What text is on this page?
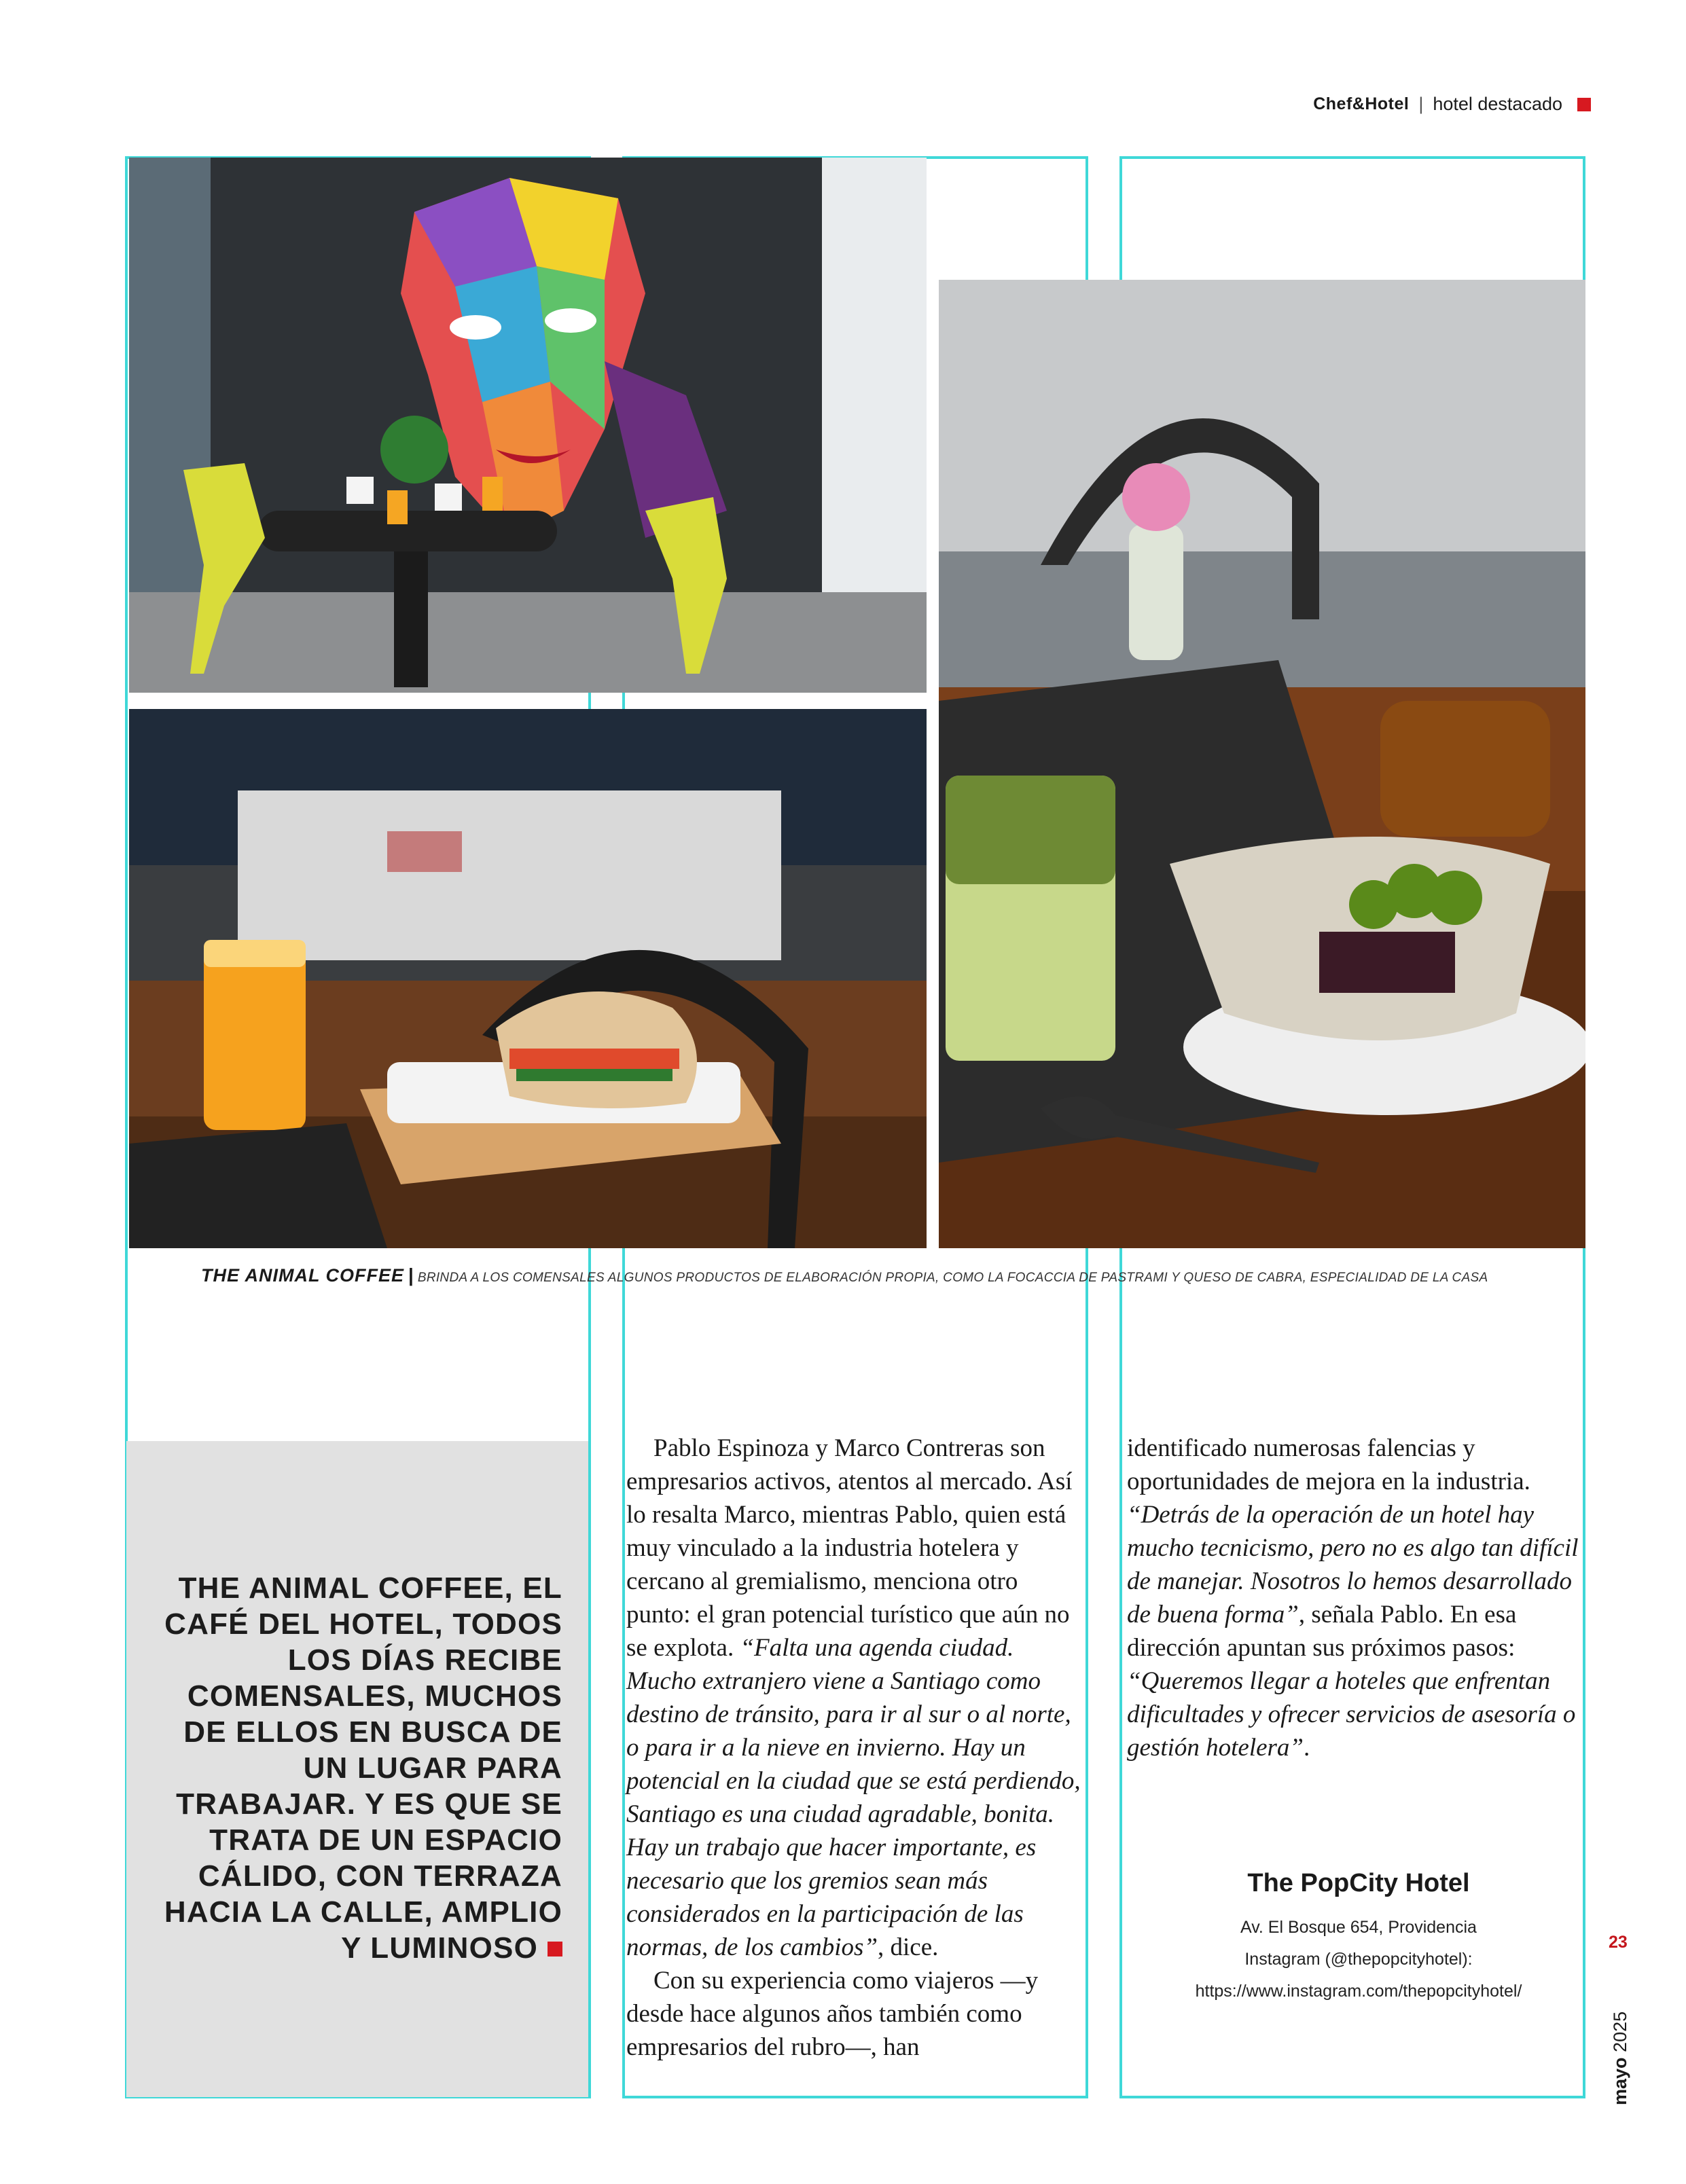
Chef&Hotel | hotel destacado
THE ANIMAL COFFEE | BRINDA A LOS COMENSALES ALGUNOS PRODUCTOS DE ELABORACIÓN PROPIA, COMO LA FOCACCIA DE PASTRAMI Y QUESO DE CABRA, ESPECIALIDAD DE LA CASA
THE ANIMAL COFFEE, EL CAFÉ DEL HOTEL, TODOS LOS DÍAS RECIBE COMENSALES, MUCHOS DE ELLOS EN BUSCA DE UN LUGAR PARA TRABAJAR. Y ES QUE SE TRATA DE UN ESPACIO CÁLIDO, CON TERRAZA HACIA LA CALLE, AMPLIO Y LUMINOSO

Pablo Espinoza y Marco Contreras son empresarios activos, atentos al mercado. Así lo resalta Marco, mientras Pablo, quien está muy vinculado a la industria hotelera y cercano al gremialismo, menciona otro punto: el gran potencial turístico que aún no se explota. “Falta una agenda ciudad. Mucho extranjero viene a Santiago como destino de tránsito, para ir al sur o al norte, o para ir a la nieve en invierno. Hay un potencial en la ciudad que se está perdiendo, Santiago es una ciudad agradable, bonita. Hay un trabajo que hacer importante, es necesario que los gremios sean más considerados en la participación de las normas, de los cambios”, dice.

Con su experiencia como viajeros —y desde hace algunos años también como empresarios del rubro—, han

identificado numerosas falencias y oportunidades de mejora en la industria. “Detrás de la operación de un hotel hay mucho tecnicismo, pero no es algo tan difícil de manejar. Nosotros lo hemos desarrollado de buena forma”, señala Pablo. En esa dirección apuntan sus próximos pasos: “Queremos llegar a hoteles que enfrentan dificultades y ofrecer servicios de asesoría o gestión hotelera”.

The PopCity Hotel
Av. El Bosque 654, Providencia
Instagram (@thepopcityhotel):
https://www.instagram.com/thepopcityhotel/
23
mayo 2025
